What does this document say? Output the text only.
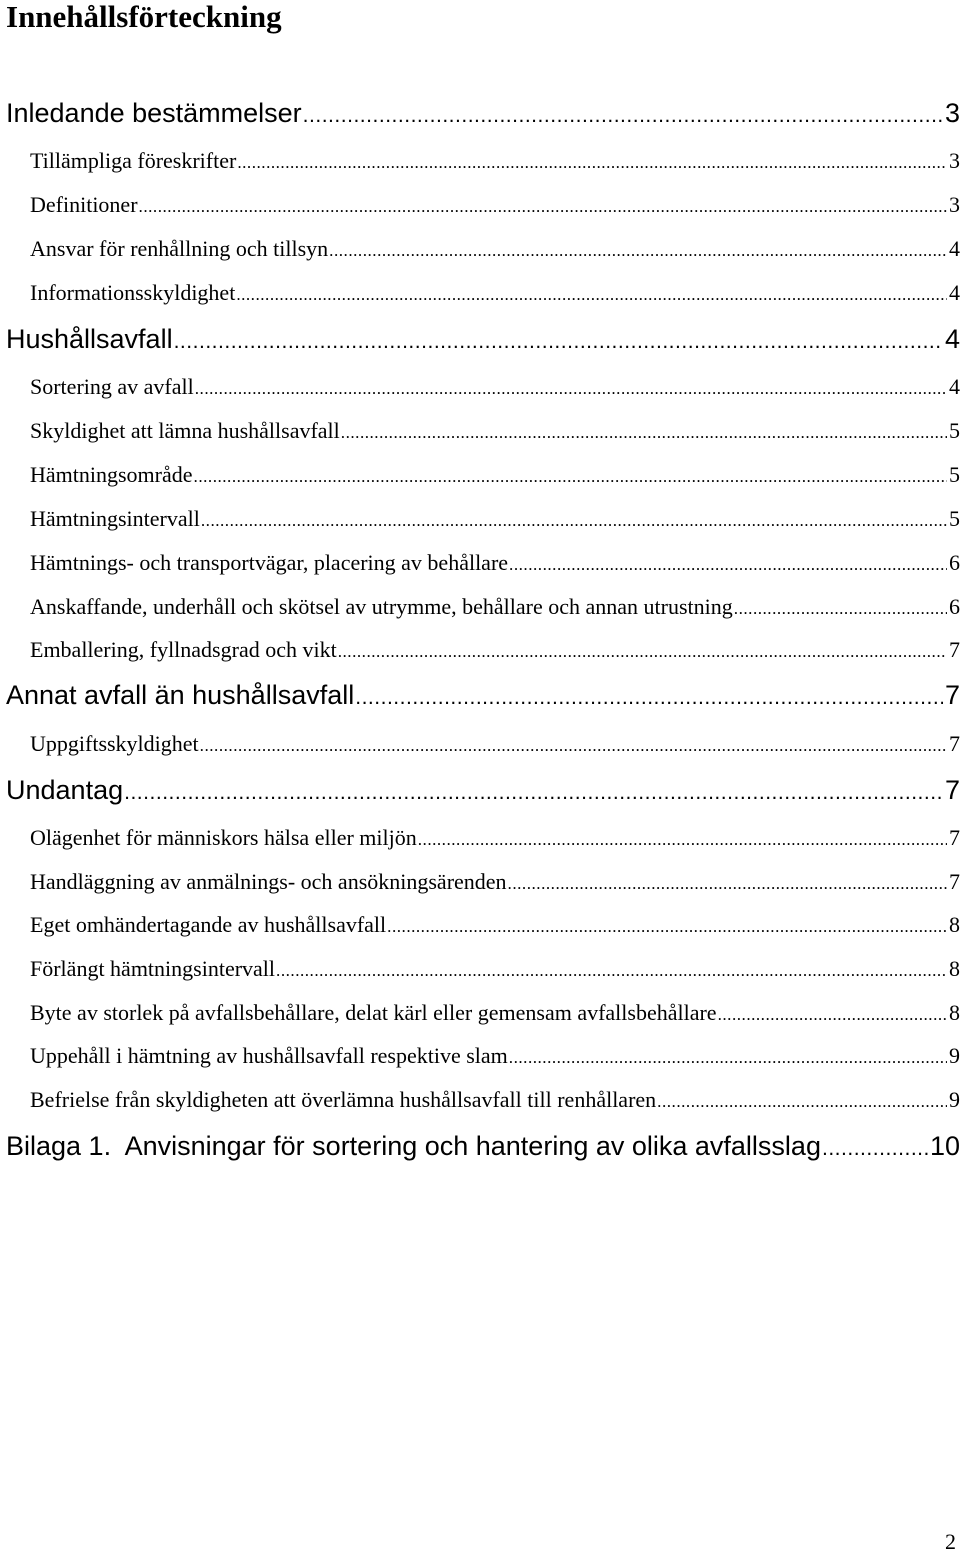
Innehållsförteckning
Inledande bestämmelser .....	3
Tillämpliga föreskrifter .....	3
Definitioner .....	3
Ansvar för renhållning och tillsyn .....	4
Informationsskyldighet .....	4
Hushållsavfall .....	4
Sortering av avfall .....	4
Skyldighet att lämna hushållsavfall .....	5
Hämtningsområde .....	5
Hämtningsintervall .....	5
Hämtnings- och transportvägar, placering av behållare .....	6
Anskaffande, underhåll och skötsel av utrymme, behållare och annan utrustning .....	6
Emballering, fyllnadsgrad och vikt .....	7
Annat avfall än hushållsavfall .....	7
Uppgiftsskyldighet .....	7
Undantag .....	7
Olägenhet för människors hälsa eller miljön .....	7
Handläggning av anmälnings- och ansökningsärenden .....	7
Eget omhändertagande av hushållsavfall .....	8
Förlängt hämtningsintervall .....	8
Byte av storlek på avfallsbehållare, delat kärl eller gemensam avfallsbehållare .....	8
Uppehåll i hämtning av hushållsavfall respektive slam .....	9
Befrielse från skyldigheten att överlämna hushållsavfall till renhållaren .....	9
Bilaga 1.  Anvisningar för sortering och hantering av olika avfallsslag .....	10
2
